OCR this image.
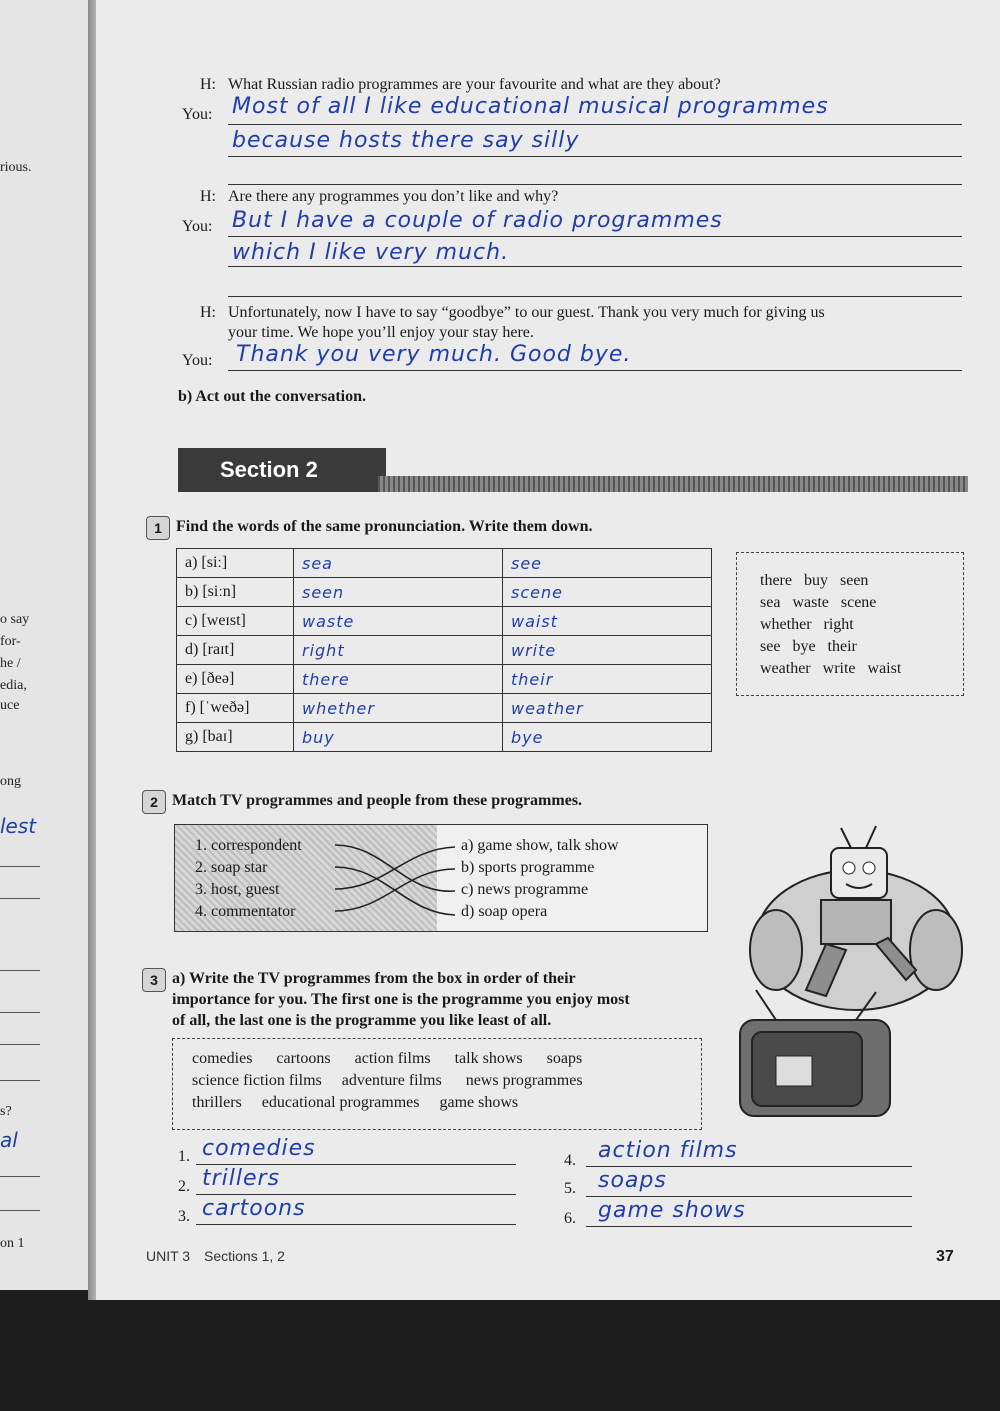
rious.
o say
for-
he /
edia,
uce
ong
lest
s?
al
on 1
H: What Russian radio programmes are your favourite and what are they about?
You: Most of all I like educational musical programmes
because hosts there say silly
H: Are there any programmes you don’t like and why?
You: But I have a couple of radio programmes
which I like very much.
H: Unfortunately, now I have to say “goodbye” to our guest. Thank you very much for giving us
your time. We hope you’ll enjoy your stay here.
You: Thank you very much. Good bye.
b) Act out the conversation.
Section 2
1 Find the words of the same pronunciation. Write them down.
a) [siː]	sea	see
b) [siːn]	seen	scene
c) [weɪst]	waste	waist
d) [raɪt]	right	write
e) [ðeə]	there	their
f) [ˈweðə]	whether	weather
g) [baɪ]	buy	bye
there buy seen
sea waste scene
whether right
see bye their
weather write waist
2 Match TV programmes and people from these programmes.
1. correspondent
2. soap star
3. host, guest
4. commentator
a) game show, talk show
b) sports programme
c) news programme
d) soap opera
3 a) Write the TV programmes from the box in order of their
importance for you. The first one is the programme you enjoy most
of all, the last one is the programme you like least of all.
comedies cartoons action films talk shows soaps
science fiction films adventure films news programmes
thrillers educational programmes game shows
1. comedies
2. trillers
3. cartoons
4. action films
5. soaps
6. game shows
UNIT 3 Sections 1, 2	37
